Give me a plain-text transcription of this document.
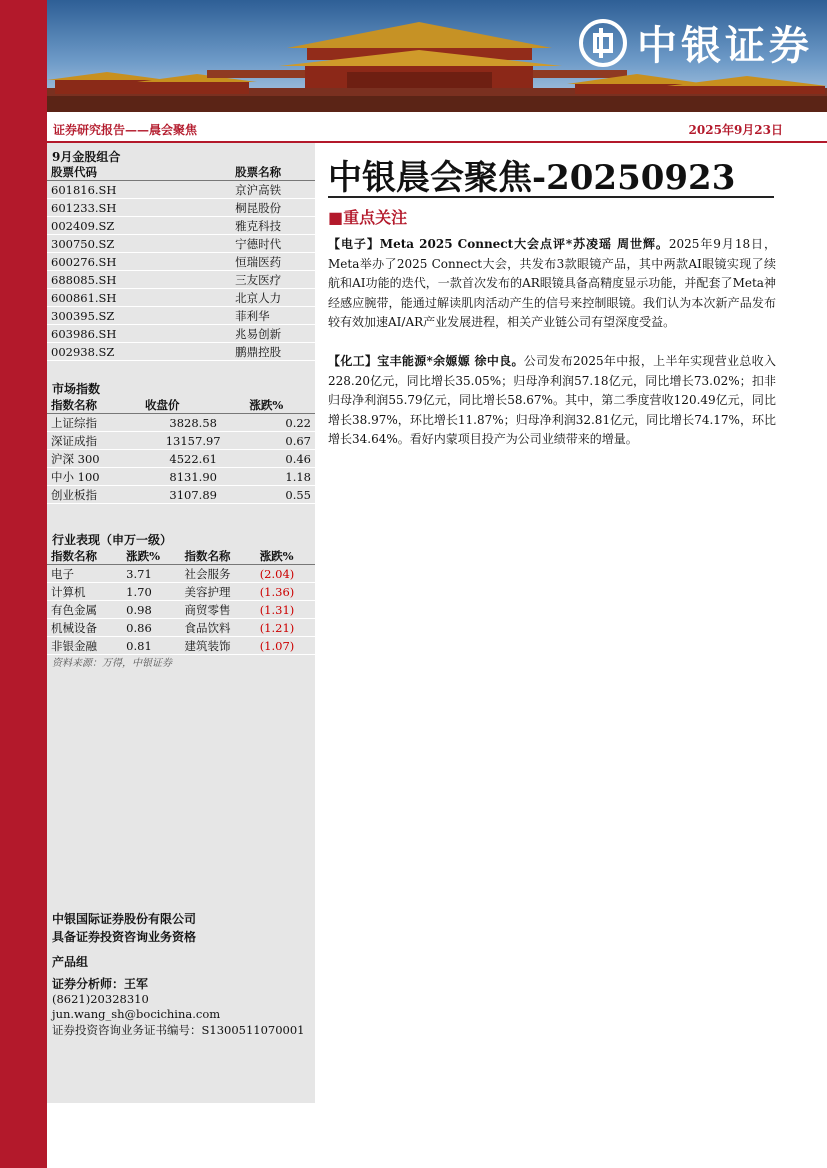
中银证券
证券研究报告——晨会聚焦	2025年9月23日
9月金股组合
股票代码	股票名称
601816.SH	京沪高铁
601233.SH	桐昆股份
002409.SZ	雅克科技
300750.SZ	宁德时代
600276.SH	恒瑞医药
688085.SH	三友医疗
600861.SH	北京人力
300395.SZ	菲利华
603986.SH	兆易创新
002938.SZ	鹏鼎控股
市场指数
指数名称	收盘价	涨跌%
上证综指	3828.58	0.22
深证成指	13157.97	0.67
沪深 300	4522.61	0.46
中小 100	8131.90	1.18
创业板指	3107.89	0.55
行业表现（申万一级）
指数名称	涨跌%	指数名称	涨跌%
电子	3.71	社会服务	(2.04)
计算机	1.70	美容护理	(1.36)
有色金属	0.98	商贸零售	(1.31)
机械设备	0.86	食品饮料	(1.21)
非银金融	0.81	建筑装饰	(1.07)
资料来源：万得，中银证券
中银国际证券股份有限公司
具备证券投资咨询业务资格
产品组
证券分析师：王军
(8621)20328310
jun.wang_sh@bocichina.com
证券投资咨询业务证书编号：S1300511070001
中银晨会聚焦-20250923
■重点关注
【电子】Meta 2025 Connect大会点评*苏凌瑶 周世辉。2025年9月18日，Meta举办了2025 Connect大会，共发布3款眼镜产品，其中两款AI眼镜实现了续航和AI功能的迭代，一款首次发布的AR眼镜具备高精度显示功能，并配套了Meta神经感应腕带，能通过解读肌肉活动产生的信号来控制眼镜。我们认为本次新产品发布较有效加速AI/AR产业发展进程，相关产业链公司有望深度受益。
【化工】宝丰能源*余嫄嫄 徐中良。公司发布2025年中报，上半年实现营业总收入228.20亿元，同比增长35.05%；归母净利润57.18亿元，同比增长73.02%；扣非归母净利润55.79亿元，同比增长58.67%。其中，第二季度营收120.49亿元，同比增长38.97%，环比增长11.87%；归母净利润32.81亿元，同比增长74.17%，环比增长34.64%。看好内蒙项目投产为公司业绩带来的增量。
